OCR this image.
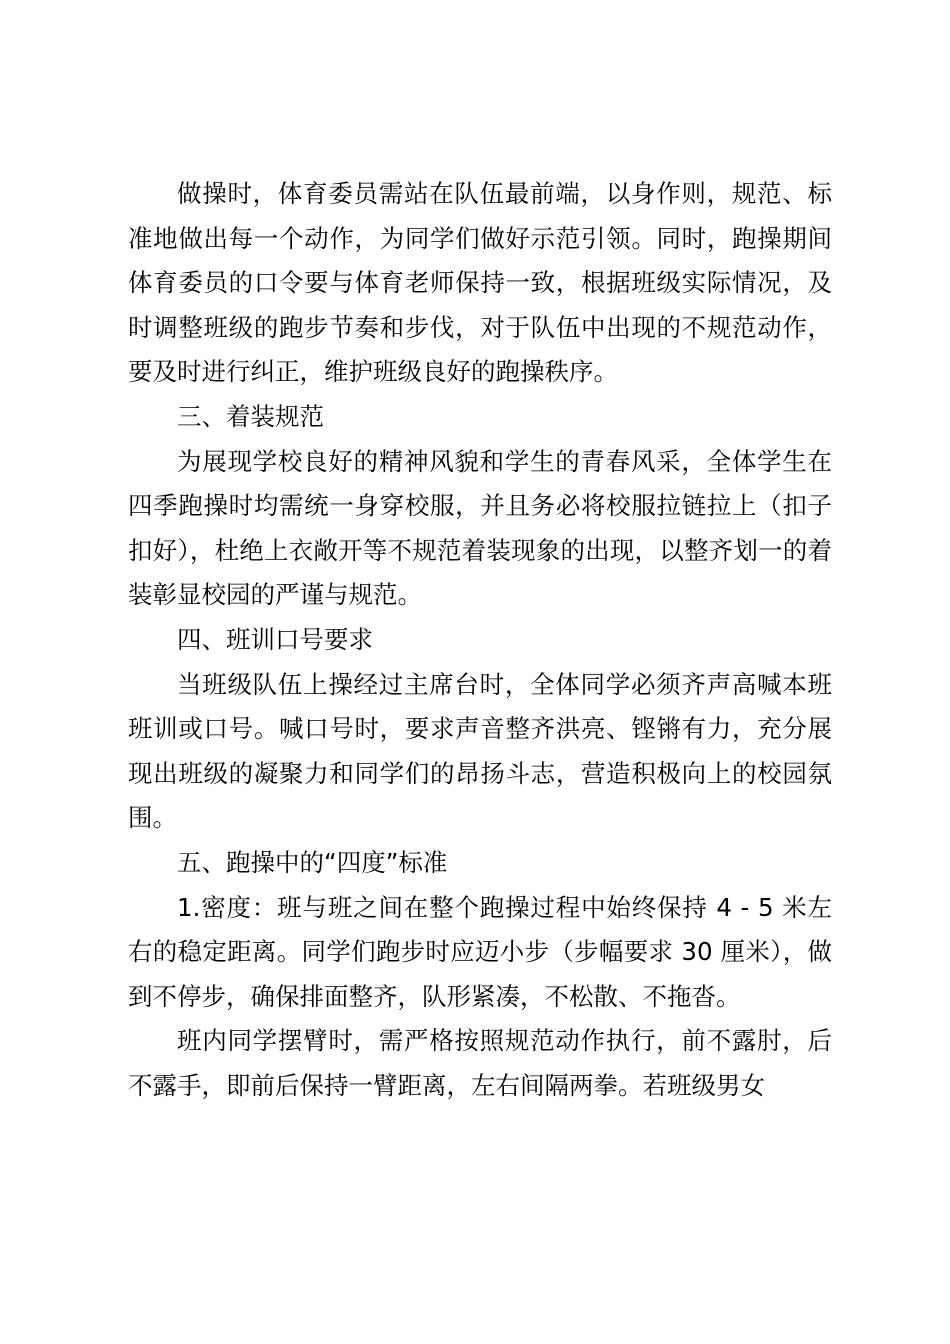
做操时，体育委员需站在队伍最前端，以身作则，规范、标准地做出每一个动作，为同学们做好示范引领。同时，跑操期间体育委员的口令要与体育老师保持一致，根据班级实际情况，及时调整班级的跑步节奏和步伐，对于队伍中出现的不规范动作，要及时进行纠正，维护班级良好的跑操秩序。

三、着装规范

为展现学校良好的精神风貌和学生的青春风采，全体学生在四季跑操时均需统一身穿校服，并且务必将校服拉链拉上（扣子扣好），杜绝上衣敞开等不规范着装现象的出现，以整齐划一的着装彰显校园的严谨与规范。

四、班训口号要求

当班级队伍上操经过主席台时，全体同学必须齐声高喊本班班训或口号。喊口号时，要求声音整齐洪亮、铿锵有力，充分展现出班级的凝聚力和同学们的昂扬斗志，营造积极向上的校园氛围。

五、跑操中的“四度”标准

1.密度：班与班之间在整个跑操过程中始终保持 4 - 5 米左右的稳定距离。同学们跑步时应迈小步（步幅要求 30 厘米），做到不停步，确保排面整齐，队形紧凑，不松散、不拖沓。

班内同学摆臂时，需严格按照规范动作执行，前不露肘，后不露手，即前后保持一臂距离，左右间隔两拳。若班级男女
